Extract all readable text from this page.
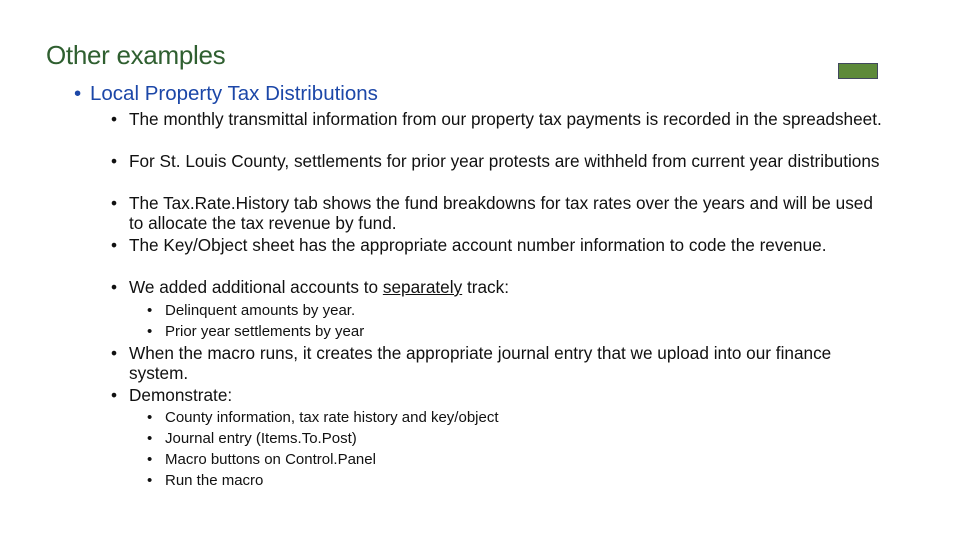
Other examples
• Local Property Tax Distributions
• The monthly transmittal information from our property tax payments is recorded in the spreadsheet.
• For St. Louis County, settlements for prior year protests are withheld from current year distributions
• The Tax.Rate.History tab shows the fund breakdowns for tax rates over the years and will be used to allocate the tax revenue by fund.
• The Key/Object sheet has the appropriate account number information to code the revenue.
• We added additional accounts to separately track:
• Delinquent amounts by year.
• Prior year settlements by year
• When the macro runs, it creates the appropriate journal entry that we upload into our finance system.
• Demonstrate:
• County information, tax rate history and key/object
• Journal entry (Items.To.Post)
• Macro buttons on Control.Panel
• Run the macro
